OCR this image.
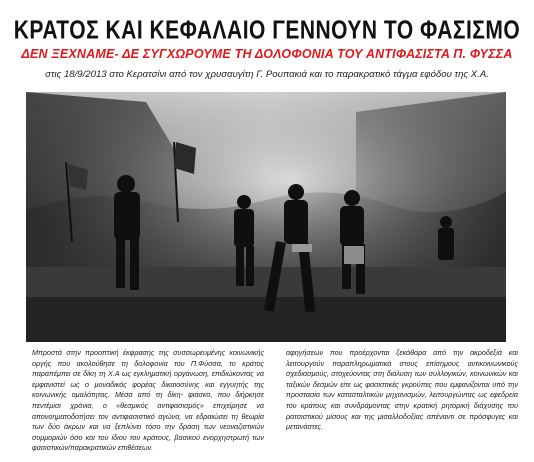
ΚΡΑΤΟΣ ΚΑΙ ΚΕΦΑΛΑΙΟ ΓΕΝΝΟΥΝ ΤΟ ΦΑΣΙΣΜΟ
ΔΕΝ ΞΕΧΝΑΜΕ- ΔΕ ΣΥΓΧΩΡΟΥΜΕ ΤΗ ΔΟΛΟΦΟΝΙΑ ΤΟΥ ΑΝΤΙΦΑΣΙΣΤΑ Π. ΦΥΣΣΑ
στις 18/9/2013 στο Κερατσίνι από τον χρυσαυγίτη Γ. Ρουπακιά και το παρακρατικό τάγμα εφόδου της Χ.Α.
Μπροστά στην προοπτική έκφρασης της συσσωρευμένης κοινωνικής οργής που ακολούθησε τη δολοφονία του Π.Φύσσα, το κράτος παραπέμπει σε δίκη τη Χ.Α ως εγκληματική οργάνωση, επιδιώκοντας να εμφανιστεί ως ο μοναδικός φορέας δικαιοσύνης και εγγυητής της κοινωνικής ομαλότητας. Μέσα από τη δίκη- φιάσκο, που διήρκησε πεντέμισι χρόνια, ο «θεσμικός αντιφασισμός» επιχείρησε να απονοηματοδοτήσει τον αντιφασιστικό αγώνα, να εδραιώσει τη θεωρία των δύο άκρων και να ξεπλύνει τόσο την δράση των νεοναζιστικών συμμοριών όσο και του ίδιου του κράτους, βασικού ενορχηστρωτή των φασιστικών/παρακρατικών επιθέσεων.
αφηγήσεων που προέρχονται ξεκάθαρα από την ακροδεξιά και λειτουργούν παραπληρωματικά στους επίσημους αντικοινωνικούς σχεδιασμούς, στοχεύοντας στη διάλυση των συλλογικών, κοινωνικών και ταξικών δεσμών είτε ως φασιστικές γκρούπες που εμφανίζονται υπό την προστασία των κατασταλτικών μηχανισμών, λειτουργώντας ως εφεδρεία του κράτους και συνδράμοντας στην κρατική ρητορική διάχυσης του ρατσιστικού μίσους και της μισαλλοδοξίας απέναντι σε πρόσφυγες και μετανάστες.
